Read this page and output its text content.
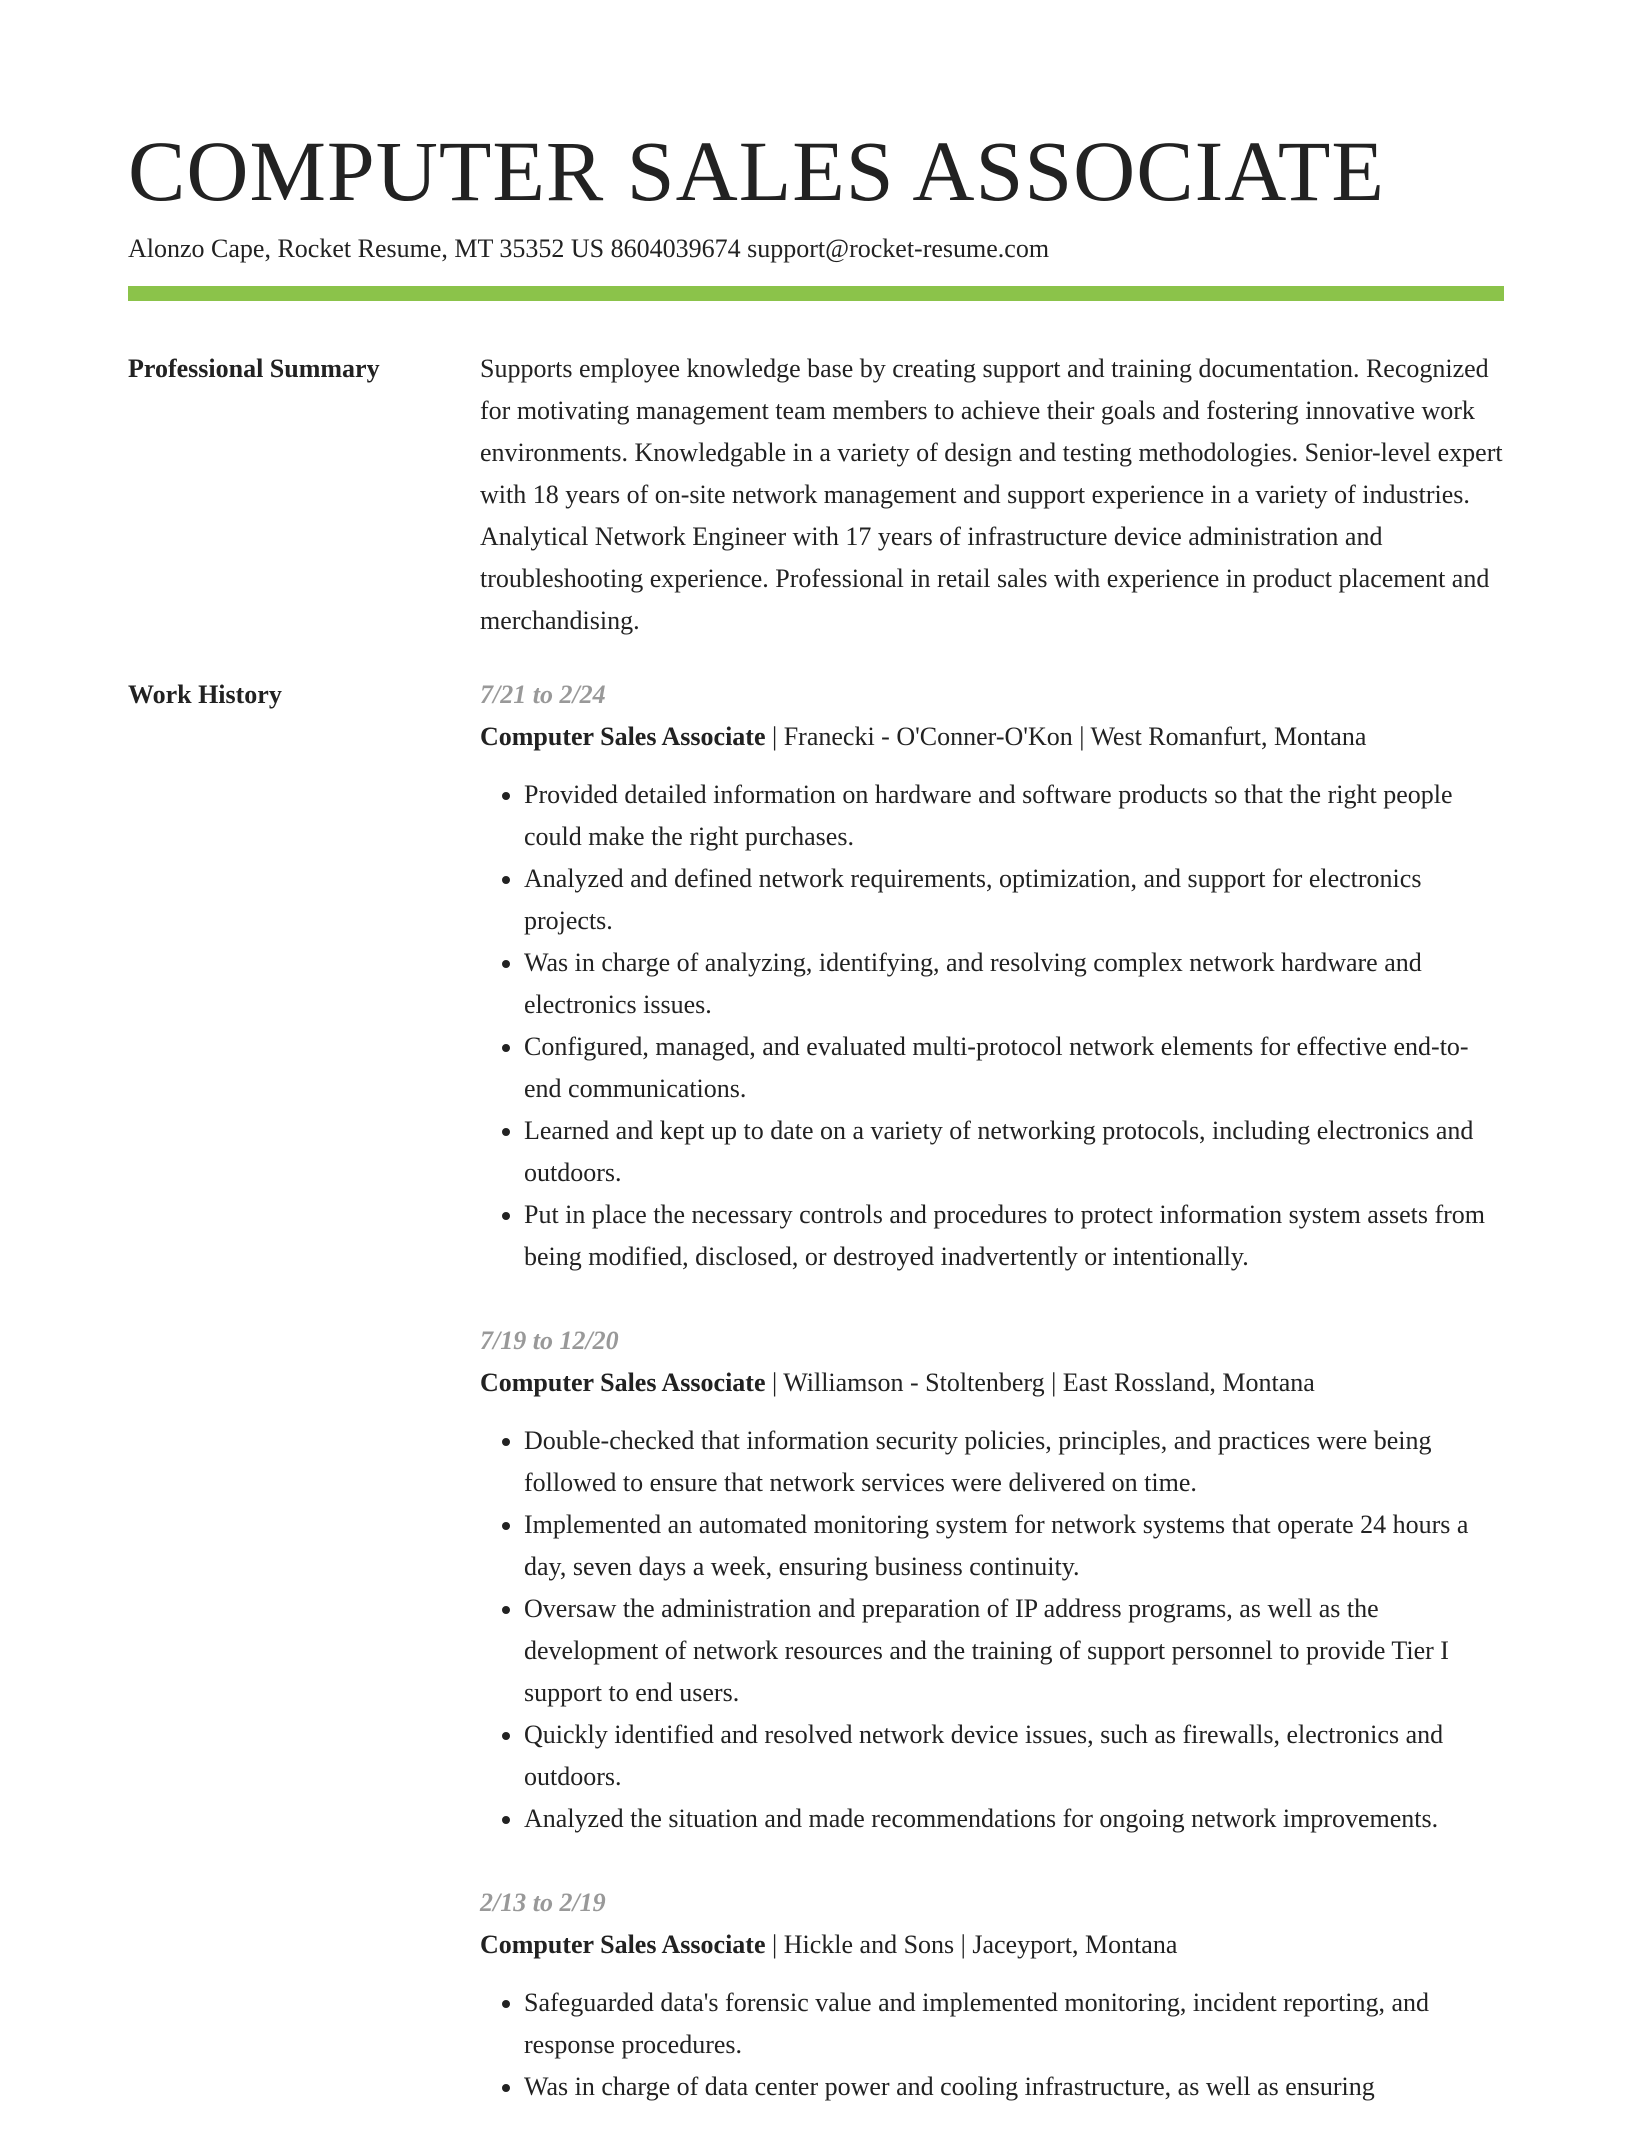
COMPUTER SALES ASSOCIATE
Alonzo Cape, Rocket Resume, MT 35352 US 8604039674 support@rocket-resume.com
Professional Summary	Supports employee knowledge base by creating support and training documentation. Recognized for motivating management team members to achieve their goals and fostering innovative work environments. Knowledgable in a variety of design and testing methodologies. Senior-level expert with 18 years of on-site network management and support experience in a variety of industries. Analytical Network Engineer with 17 years of infrastructure device administration and troubleshooting experience. Professional in retail sales with experience in product placement and merchandising.

Work History	7/21 to 2/24
Computer Sales Associate | Franecki - O'Conner-O'Kon | West Romanfurt, Montana
• Provided detailed information on hardware and software products so that the right people could make the right purchases.
• Analyzed and defined network requirements, optimization, and support for electronics projects.
• Was in charge of analyzing, identifying, and resolving complex network hardware and electronics issues.
• Configured, managed, and evaluated multi-protocol network elements for effective end-to-end communications.
• Learned and kept up to date on a variety of networking protocols, including electronics and outdoors.
• Put in place the necessary controls and procedures to protect information system assets from being modified, disclosed, or destroyed inadvertently or intentionally.
7/19 to 12/20
Computer Sales Associate | Williamson - Stoltenberg | East Rossland, Montana
• Double-checked that information security policies, principles, and practices were being followed to ensure that network services were delivered on time.
• Implemented an automated monitoring system for network systems that operate 24 hours a day, seven days a week, ensuring business continuity.
• Oversaw the administration and preparation of IP address programs, as well as the development of network resources and the training of support personnel to provide Tier I support to end users.
• Quickly identified and resolved network device issues, such as firewalls, electronics and outdoors.
• Analyzed the situation and made recommendations for ongoing network improvements.
2/13 to 2/19
Computer Sales Associate | Hickle and Sons | Jaceyport, Montana
• Safeguarded data's forensic value and implemented monitoring, incident reporting, and response procedures.
• Was in charge of data center power and cooling infrastructure, as well as ensuring
